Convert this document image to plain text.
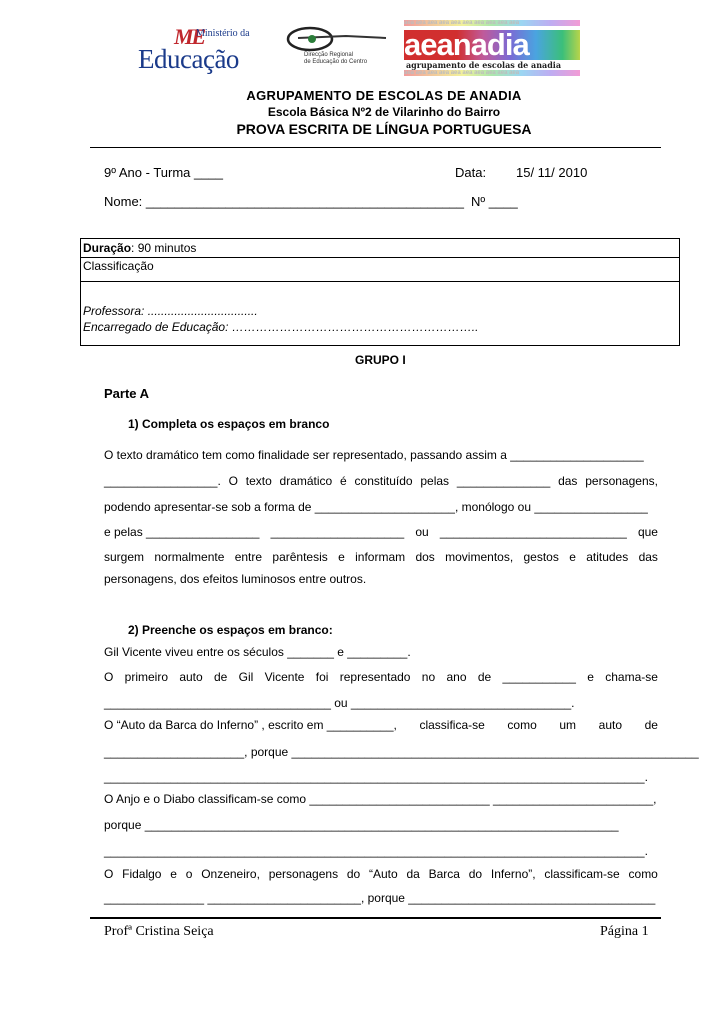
ME
Ministério da
Educação	Direcção Regional
de Educação do Centro
aea aea aea aea aea aea aea aea aea aea
aeanadia
agrupamento de escolas de anadia
aea aea aea aea aea aea aea aea aea aea
AGRUPAMENTO DE ESCOLAS DE ANADIA
Escola Básica Nº2 de Vilarinho do Bairro
PROVA ESCRITA DE LÍNGUA PORTUGUESA
9º Ano - Turma ____	Data: 15/ 11/ 2010
Nome: ____________________________________________ Nº ____
Duração: 90 minutos
Classificação
Professora: .................................
Encarregado de Educação: ……………………………………………………..
GRUPO I
Parte A
1) Completa os espaços em branco
O texto dramático tem como finalidade ser representado, passando assim a ____________________
_________________. O texto dramático é constituído pelas ______________ das personagens,
podendo apresentar-se sob a forma de _____________________, monólogo ou _________________
e pelas _________________ ____________________ ou ____________________________ que
surgem normalmente entre parêntesis e informam dos movimentos, gestos e atitudes das
personagens, dos efeitos luminosos entre outros.
2) Preenche os espaços em branco:
Gil Vicente viveu entre os séculos _______ e _________.
O primeiro auto de Gil Vicente foi representado no ano de ___________ e chama-se
__________________________________ ou _________________________________.
O “Auto da Barca do Inferno” , escrito em __________, classifica-se como um auto de
_____________________, porque _____________________________________________________________
_________________________________________________________________________________.
O Anjo e o Diabo classificam-se como ___________________________ ________________________,
porque _______________________________________________________________________
_________________________________________________________________________________.
O Fidalgo e o Onzeneiro, personagens do “Auto da Barca do Inferno”, classificam-se como
_______________ _______________________, porque _____________________________________
Profª Cristina Seiça	Página 1
